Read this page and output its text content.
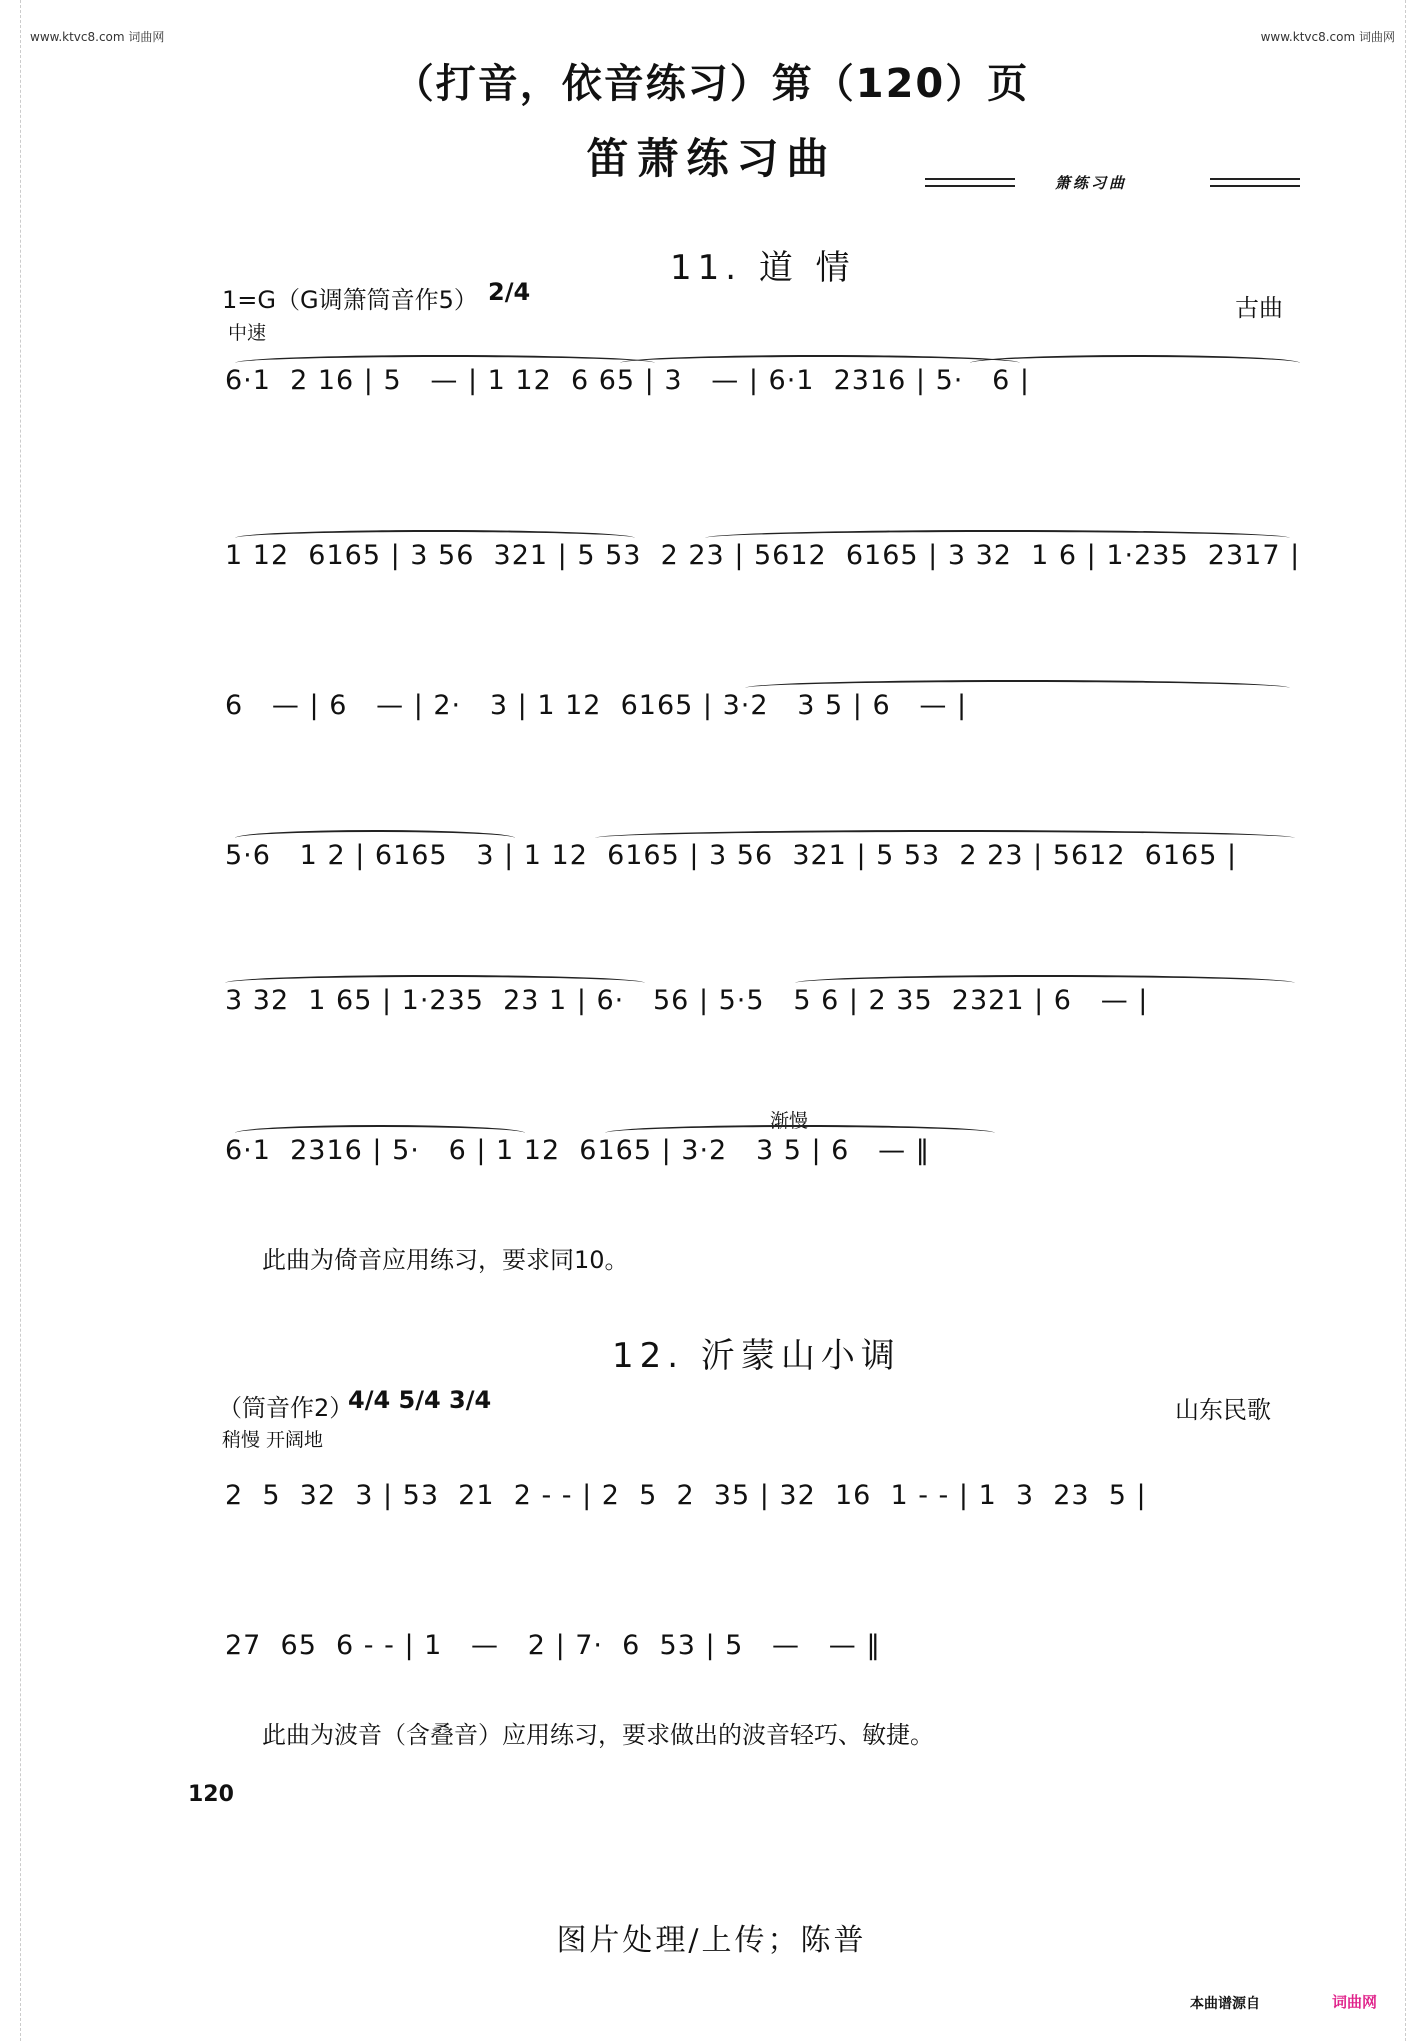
www.ktvc8.com 词曲网	www.ktvc8.com 词曲网
（打音，依音练习）第（120）页
笛萧练习曲	箫练习曲
11. 道 情
1=G（G调箫筒音作5） 2/4
中速
古曲
6·1  2 16 | 5   — | 1 12  6 65 | 3   — | 6·1  2316 | 5·   6 |
1 12  6165 | 3 56  321 | 5 53  2 23 | 5612  6165 | 3 32  1 6 | 1·235  2317 |
6   — | 6   — | 2·   3 | 1 12  6165 | 3·2   3 5 | 6   — |
5·6   1 2 | 6165   3 | 1 12  6165 | 3 56  321 | 5 53  2 23 | 5612  6165 |
3 32  1 65 | 1·235  23 1 | 6·   56 | 5·5   5 6 | 2 35  2321 | 6   — |
渐慢
6·1  2316 | 5·   6 | 1 12  6165 | 3·2   3 5 | 6   — ‖
此曲为倚音应用练习，要求同10。
12. 沂蒙山小调
（筒音作2）
4/4 5/4 3/4
稍慢 开阔地
山东民歌
2  5  32  3 | 53  21  2 - - | 2  5  2  35 | 32  16  1 - - | 1  3  23  5 |
27  65  6 - - | 1   —   2 | 7·  6  53 | 5   —   — ‖
此曲为波音（含叠音）应用练习，要求做出的波音轻巧、敏捷。
120
图片处理/上传；陈普
本曲谱源自	词曲网
